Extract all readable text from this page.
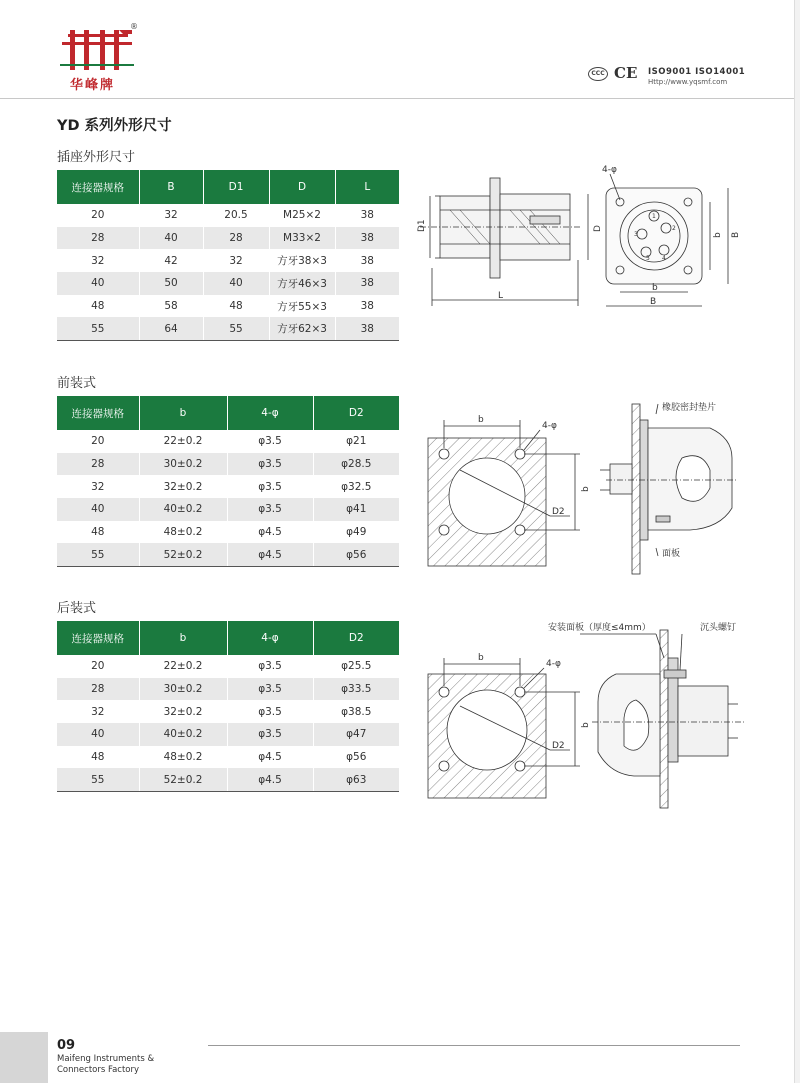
®
华峰牌
CCC CE ISO9001 ISO14001
Http://www.yqsmf.com
YD 系列外形尺寸
插座外形尺寸
连接器规格	B	D1	D	L
20	32	20.5	M25×2	38
28	40	28	M33×2	38
32	42	32	方牙38×3	38
40	50	40	方牙46×3	38
48	58	48	方牙55×3	38
55	64	55	方牙62×3	38
D1
L
D
4-φ
b
B
b B
1
2
3
4
5
前装式
连接器规格	b	4-φ	D2
20	22±0.2	φ3.5	φ21
28	30±0.2	φ3.5	φ28.5
32	32±0.2	φ3.5	φ32.5
40	40±0.2	φ3.5	φ41
48	48±0.2	φ4.5	φ49
55	52±0.2	φ4.5	φ56
b
4-φ
b
D2
橡胶密封垫片
面板
后装式
连接器规格	b	4-φ	D2
20	22±0.2	φ3.5	φ25.5
28	30±0.2	φ3.5	φ33.5
32	32±0.2	φ3.5	φ38.5
40	40±0.2	φ3.5	φ47
48	48±0.2	φ4.5	φ56
55	52±0.2	φ4.5	φ63
b
4-φ
b
D2
安装面板（厚度≤4mm）	沉头螺钉
09
Maifeng Instruments &
Connectors Factory
